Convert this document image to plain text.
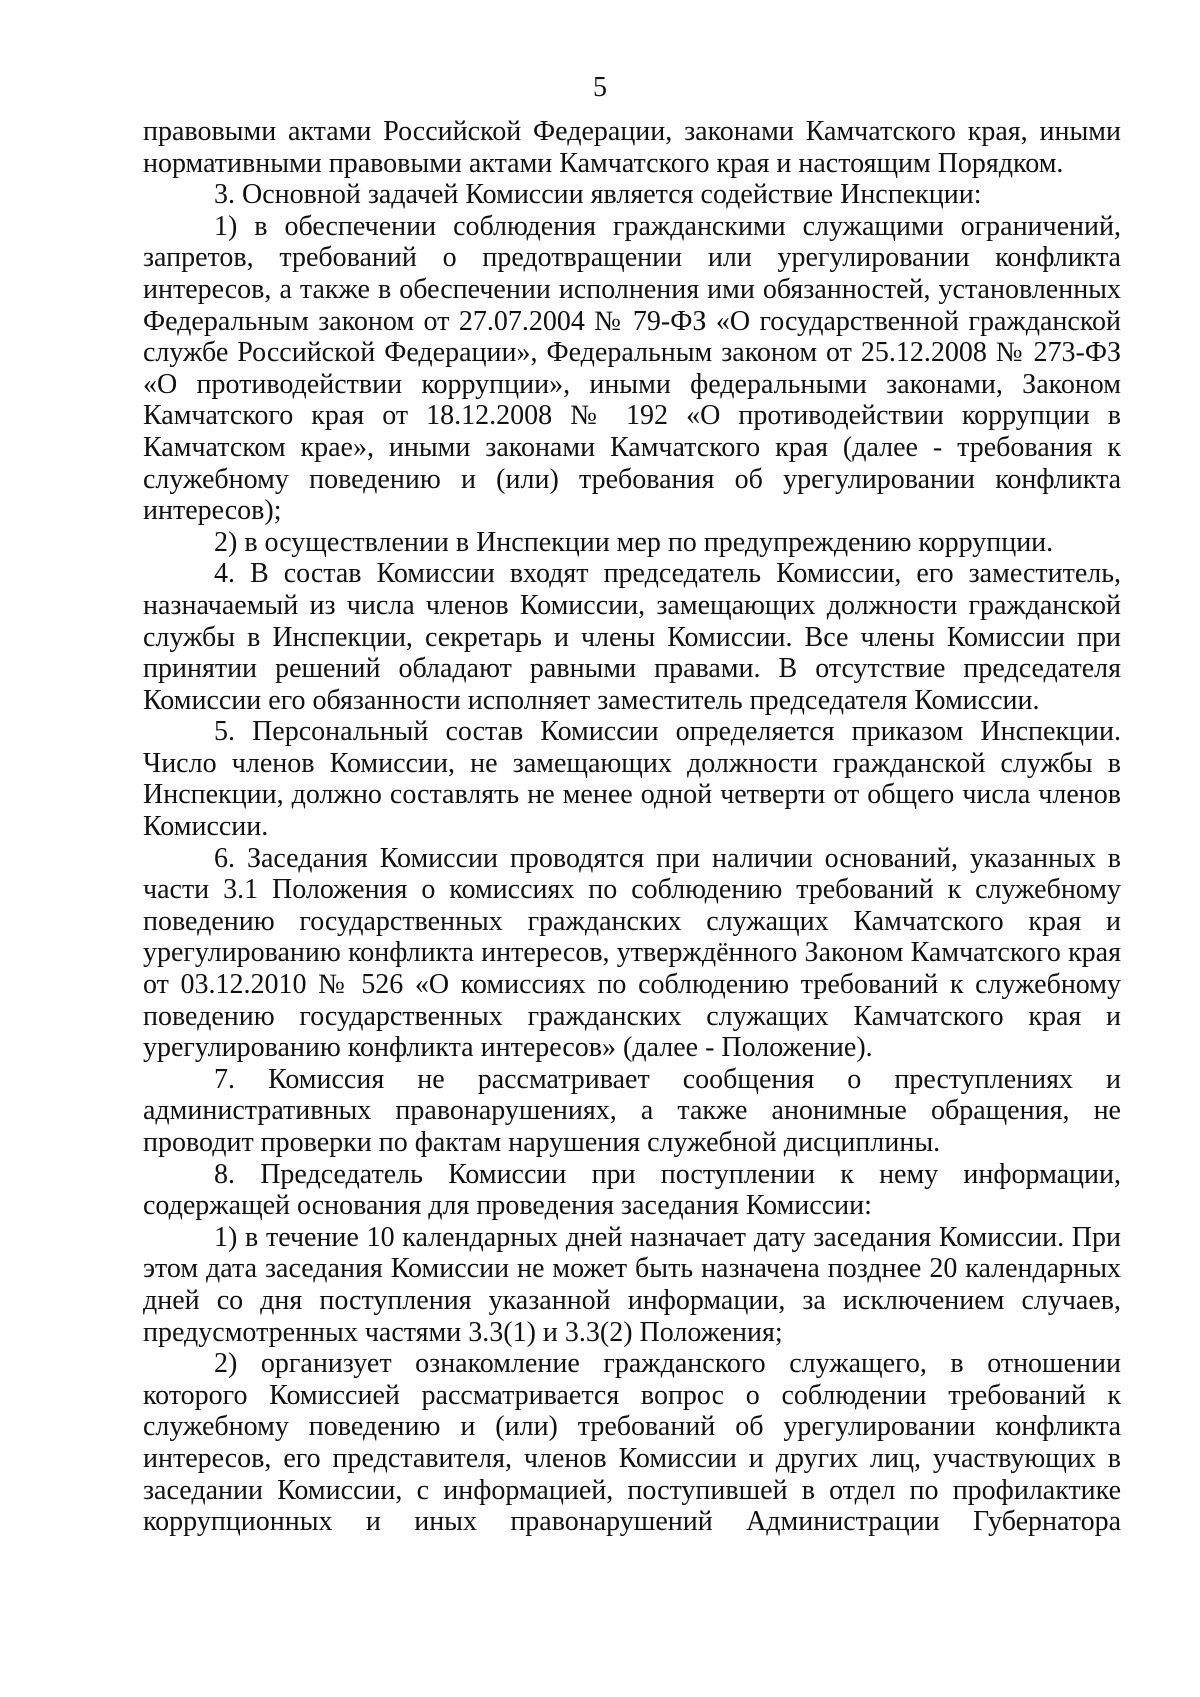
5

правовыми актами Российской Федерации, законами Камчатского края, иными нормативными правовыми актами Камчатского края и настоящим Порядком.

3. Основной задачей Комиссии является содействие Инспекции:

1) в обеспечении соблюдения гражданскими служащими ограничений, запретов, требований о предотвращении или урегулировании конфликта интересов, а также в обеспечении исполнения ими обязанностей, установленных Федеральным законом от 27.07.2004 № 79-ФЗ «О государственной гражданской службе Российской Федерации», Федеральным законом от 25.12.2008 № 273-ФЗ «О противодействии коррупции», иными федеральными законами, Законом Камчатского края от 18.12.2008 № 192 «О противодействии коррупции в Камчатском крае», иными законами Камчатского края (далее - требования к служебному поведению и (или) требования об урегулировании конфликта интересов);

2) в осуществлении в Инспекции мер по предупреждению коррупции.

4. В состав Комиссии входят председатель Комиссии, его заместитель, назначаемый из числа членов Комиссии, замещающих должности гражданской службы в Инспекции, секретарь и члены Комиссии. Все члены Комиссии при принятии решений обладают равными правами. В отсутствие председателя Комиссии его обязанности исполняет заместитель председателя Комиссии.

5. Персональный состав Комиссии определяется приказом Инспекции. Число членов Комиссии, не замещающих должности гражданской службы в Инспекции, должно составлять не менее одной четверти от общего числа членов Комиссии.

6. Заседания Комиссии проводятся при наличии оснований, указанных в части 3.1 Положения о комиссиях по соблюдению требований к служебному поведению государственных гражданских служащих Камчатского края и урегулированию конфликта интересов, утверждённого Законом Камчатского края от 03.12.2010 № 526 «О комиссиях по соблюдению требований к служебному поведению государственных гражданских служащих Камчатского края и урегулированию конфликта интересов» (далее - Положение).

7. Комиссия не рассматривает сообщения о преступлениях и административных правонарушениях, а также анонимные обращения, не проводит проверки по фактам нарушения служебной дисциплины.

8. Председатель Комиссии при поступлении к нему информации, содержащей основания для проведения заседания Комиссии:

1) в течение 10 календарных дней назначает дату заседания Комиссии. При этом дата заседания Комиссии не может быть назначена позднее 20 календарных дней со дня поступления указанной информации, за исключением случаев, предусмотренных частями 3.3(1) и 3.3(2) Положения;

2) организует ознакомление гражданского служащего, в отношении которого Комиссией рассматривается вопрос о соблюдении требований к служебному поведению и (или) требований об урегулировании конфликта интересов, его представителя, членов Комиссии и других лиц, участвующих в заседании Комиссии, с информацией, поступившей в отдел по профилактике коррупционных и иных правонарушений Администрации Губернатора
